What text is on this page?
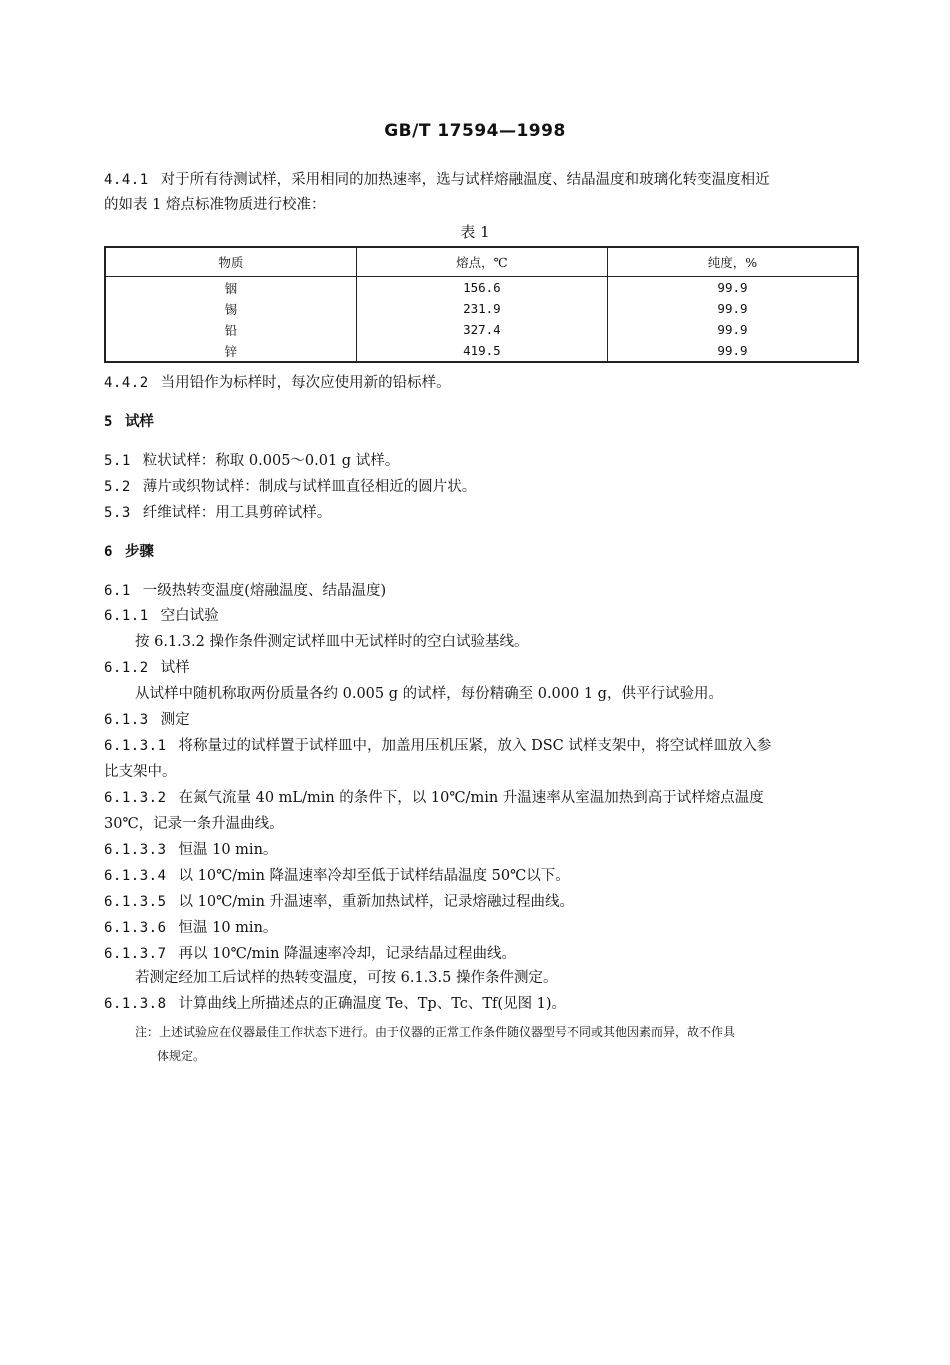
GB/T 17594—1998
4.4.1 对于所有待测试样，采用相同的加热速率，选与试样熔融温度、结晶温度和玻璃化转变温度相近
的如表 1 熔点标准物质进行校准：
表 1
物质	熔点，℃	纯度，%
铟	156.6	99.9
锡	231.9	99.9
铅	327.4	99.9
锌	419.5	99.9
4.4.2 当用铅作为标样时，每次应使用新的铅标样。
5 试样
5.1 粒状试样：称取 0.005～0.01 g 试样。
5.2 薄片或织物试样：制成与试样皿直径相近的圆片状。
5.3 纤维试样：用工具剪碎试样。
6 步骤
6.1 一级热转变温度(熔融温度、结晶温度)
6.1.1 空白试验
按 6.1.3.2 操作条件测定试样皿中无试样时的空白试验基线。
6.1.2 试样
从试样中随机称取两份质量各约 0.005 g 的试样，每份精确至 0.000 1 g，供平行试验用。
6.1.3 测定
6.1.3.1 将称量过的试样置于试样皿中，加盖用压机压紧，放入 DSC 试样支架中，将空试样皿放入参
比支架中。
6.1.3.2 在氮气流量 40 mL/min 的条件下，以 10℃/min 升温速率从室温加热到高于试样熔点温度
30℃，记录一条升温曲线。
6.1.3.3 恒温 10 min。
6.1.3.4 以 10℃/min 降温速率冷却至低于试样结晶温度 50℃以下。
6.1.3.5 以 10℃/min 升温速率，重新加热试样，记录熔融过程曲线。
6.1.3.6 恒温 10 min。
6.1.3.7 再以 10℃/min 降温速率冷却，记录结晶过程曲线。
若测定经加工后试样的热转变温度，可按 6.1.3.5 操作条件测定。
6.1.3.8 计算曲线上所描述点的正确温度 Te、Tp、Tc、Tf(见图 1)。
注：上述试验应在仪器最佳工作状态下进行。由于仪器的正常工作条件随仪器型号不同或其他因素而异，故不作具
体规定。
